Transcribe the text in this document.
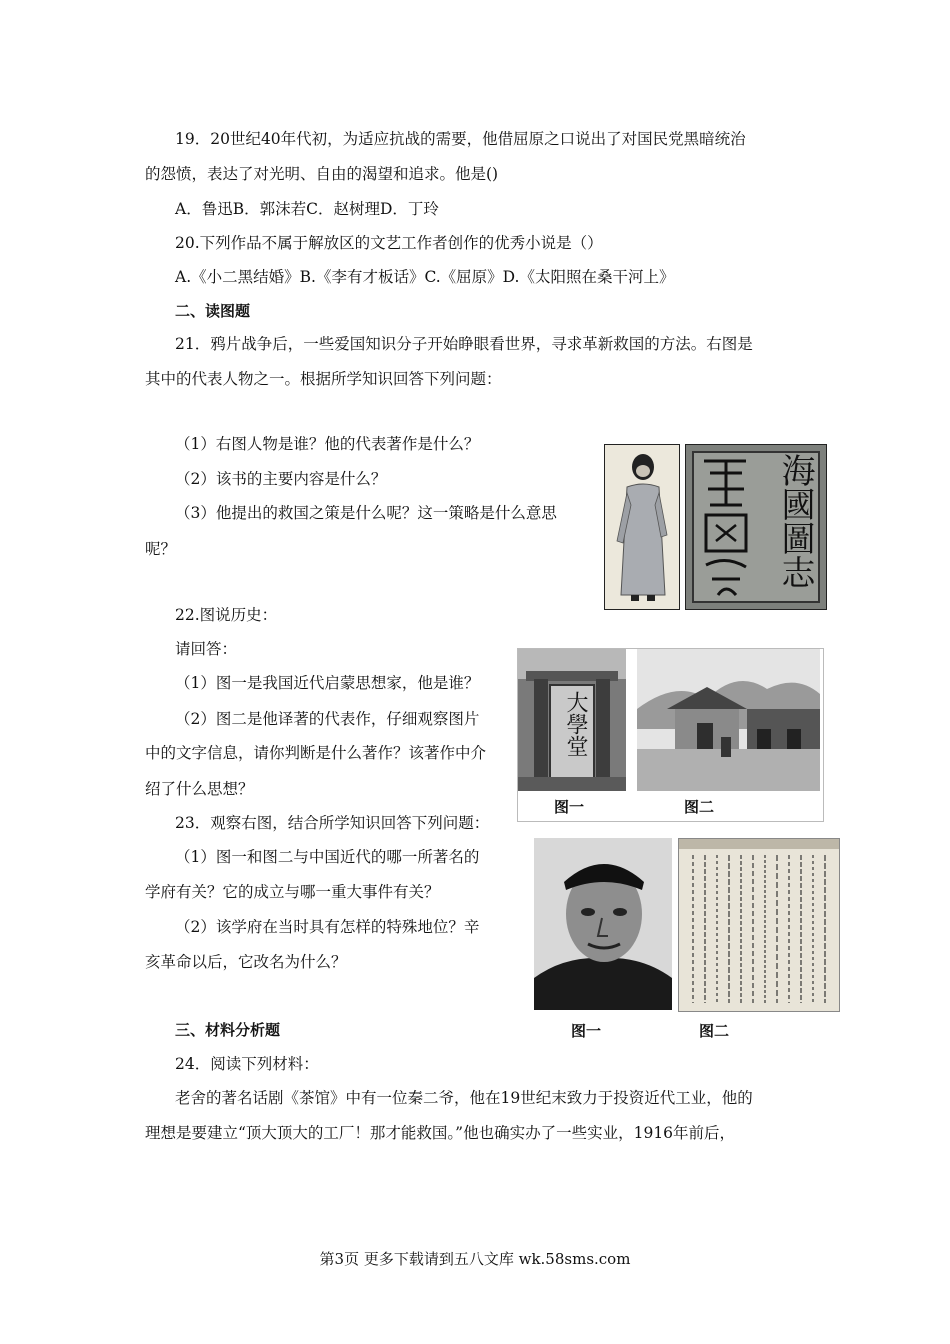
19．20世纪40年代初，为适应抗战的需要，他借屈原之口说出了对国民党黑暗统治
的怨愤，表达了对光明、自由的渴望和追求。他是()
A．鲁迅B．郭沫若C．赵树理D．丁玲
20.下列作品不属于解放区的文艺工作者创作的优秀小说是（）
A.《小二黑结婚》B.《李有才板话》C.《屈原》D.《太阳照在桑干河上》
二、读图题
21．鸦片战争后，一些爱国知识分子开始睁眼看世界，寻求革新救国的方法。右图是
其中的代表人物之一。根据所学知识回答下列问题：
（1）右图人物是谁？他的代表著作是什么？
（2）该书的主要内容是什么？
（3）他提出的救国之策是什么呢？这一策略是什么意思
呢？
22.图说历史：
请回答：
（1）图一是我国近代启蒙思想家，他是谁？
（2）图二是他译著的代表作，仔细观察图片
中的文字信息，请你判断是什么著作？该著作中介
绍了什么思想？
23．观察右图，结合所学知识回答下列问题：
（1）图一和图二与中国近代的哪一所著名的
学府有关？它的成立与哪一重大事件有关？
（2）该学府在当时具有怎样的特殊地位？辛
亥革命以后，它改名为什么？
三、材料分析题
24．阅读下列材料：
老舍的著名话剧《茶馆》中有一位秦二爷，他在19世纪末致力于投资近代工业，他的
理想是要建立“顶大顶大的工厂！那才能救国。”他也确实办了一些实业，1916年前后，
第3页 更多下载请到五八文库 wk.58sms.com
海國圖志
大學堂
图一	图二
图一	图二
